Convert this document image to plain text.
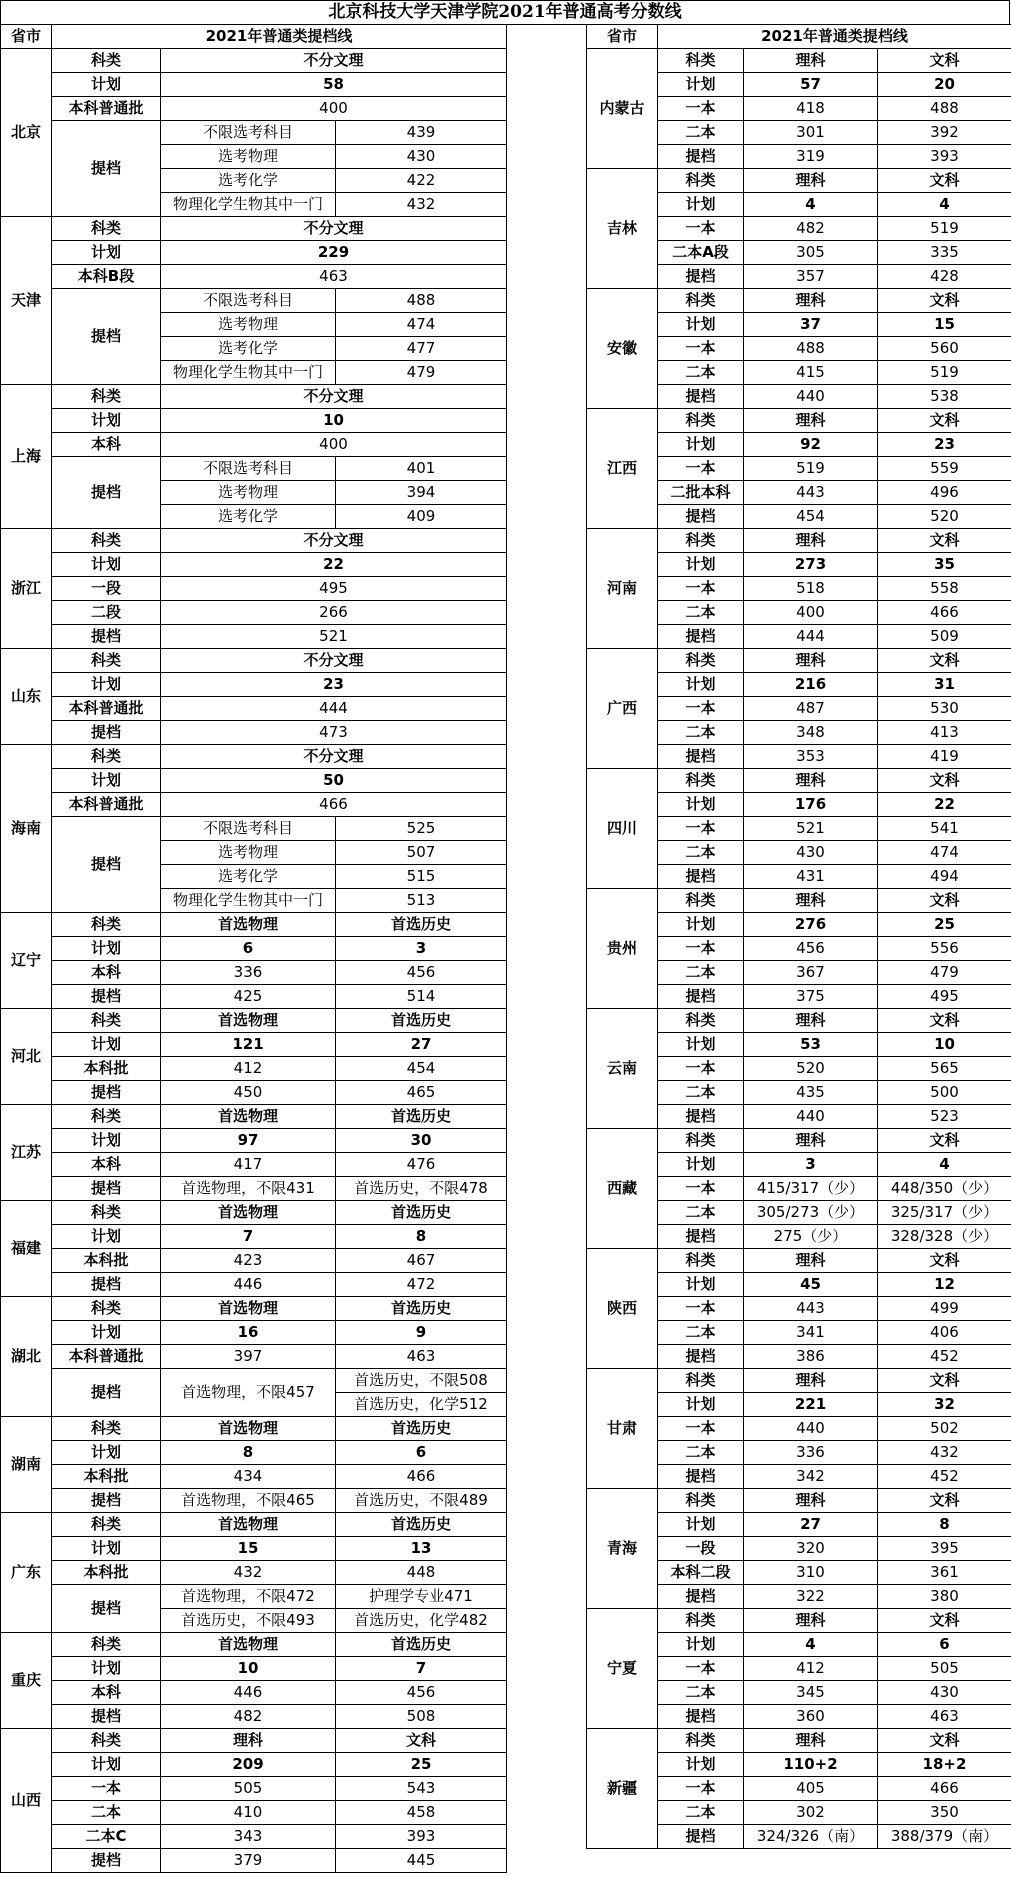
北京科技大学天津学院2021年普通高考分数线
省市	2021年普通类提档线		
北京	科类	不分文理	
	计划	58	
	本科普通批	400	
	提档	不限选考科目	439
		选考物理	430
		选考化学	422
		物理化学生物其中一门	432
天津	科类	不分文理	
	计划	229	
	本科B段	463	
	提档	不限选考科目	488
		选考物理	474
		选考化学	477
		物理化学生物其中一门	479
上海	科类	不分文理	
	计划	10	
	本科	400	
	提档	不限选考科目	401
		选考物理	394
		选考化学	409
浙江	科类	不分文理	
	计划	22	
	一段	495	
	二段	266	
	提档	521	
山东	科类	不分文理	
	计划	23	
	本科普通批	444	
	提档	473	
海南	科类	不分文理	
	计划	50	
	本科普通批	466	
	提档	不限选考科目	525
		选考物理	507
		选考化学	515
		物理化学生物其中一门	513
辽宁	科类	首选物理	首选历史
	计划	6	3
	本科	336	456
	提档	425	514
河北	科类	首选物理	首选历史
	计划	121	27
	本科批	412	454
	提档	450	465
江苏	科类	首选物理	首选历史
	计划	97	30
	本科	417	476
	提档	首选物理，不限431	首选历史，不限478
福建	科类	首选物理	首选历史
	计划	7	8
	本科批	423	467
	提档	446	472
湖北	科类	首选物理	首选历史
	计划	16	9
	本科普通批	397	463
	提档	首选物理，不限457	首选历史，不限508
			首选历史，化学512
湖南	科类	首选物理	首选历史
	计划	8	6
	本科批	434	466
	提档	首选物理，不限465	首选历史，不限489
广东	科类	首选物理	首选历史
	计划	15	13
	本科批	432	448
	提档	首选物理，不限472	护理学专业471
		首选历史，不限493	首选历史，化学482
重庆	科类	首选物理	首选历史
	计划	10	7
	本科	446	456
	提档	482	508
山西	科类	理科	文科
	计划	209	25
	一本	505	543
	二本	410	458
	二本C	343	393
	提档	379	445
省市	2021年普通类提档线		
内蒙古	科类	理科	文科
	计划	57	20
	一本	418	488
	二本	301	392
	提档	319	393
吉林	科类	理科	文科
	计划	4	4
	一本	482	519
	二本A段	305	335
	提档	357	428
安徽	科类	理科	文科
	计划	37	15
	一本	488	560
	二本	415	519
	提档	440	538
江西	科类	理科	文科
	计划	92	23
	一本	519	559
	二批本科	443	496
	提档	454	520
河南	科类	理科	文科
	计划	273	35
	一本	518	558
	二本	400	466
	提档	444	509
广西	科类	理科	文科
	计划	216	31
	一本	487	530
	二本	348	413
	提档	353	419
四川	科类	理科	文科
	计划	176	22
	一本	521	541
	二本	430	474
	提档	431	494
贵州	科类	理科	文科
	计划	276	25
	一本	456	556
	二本	367	479
	提档	375	495
云南	科类	理科	文科
	计划	53	10
	一本	520	565
	二本	435	500
	提档	440	523
西藏	科类	理科	文科
	计划	3	4
	一本	415/317（少）	448/350（少）
	二本	305/273（少）	325/317（少）
	提档	275（少）	328/328（少）
陕西	科类	理科	文科
	计划	45	12
	一本	443	499
	二本	341	406
	提档	386	452
甘肃	科类	理科	文科
	计划	221	32
	一本	440	502
	二本	336	432
	提档	342	452
青海	科类	理科	文科
	计划	27	8
	一段	320	395
	本科二段	310	361
	提档	322	380
宁夏	科类	理科	文科
	计划	4	6
	一本	412	505
	二本	345	430
	提档	360	463
新疆	科类	理科	文科
	计划	110+2	18+2
	一本	405	466
	二本	302	350
	提档	324/326（南）	388/379（南）
